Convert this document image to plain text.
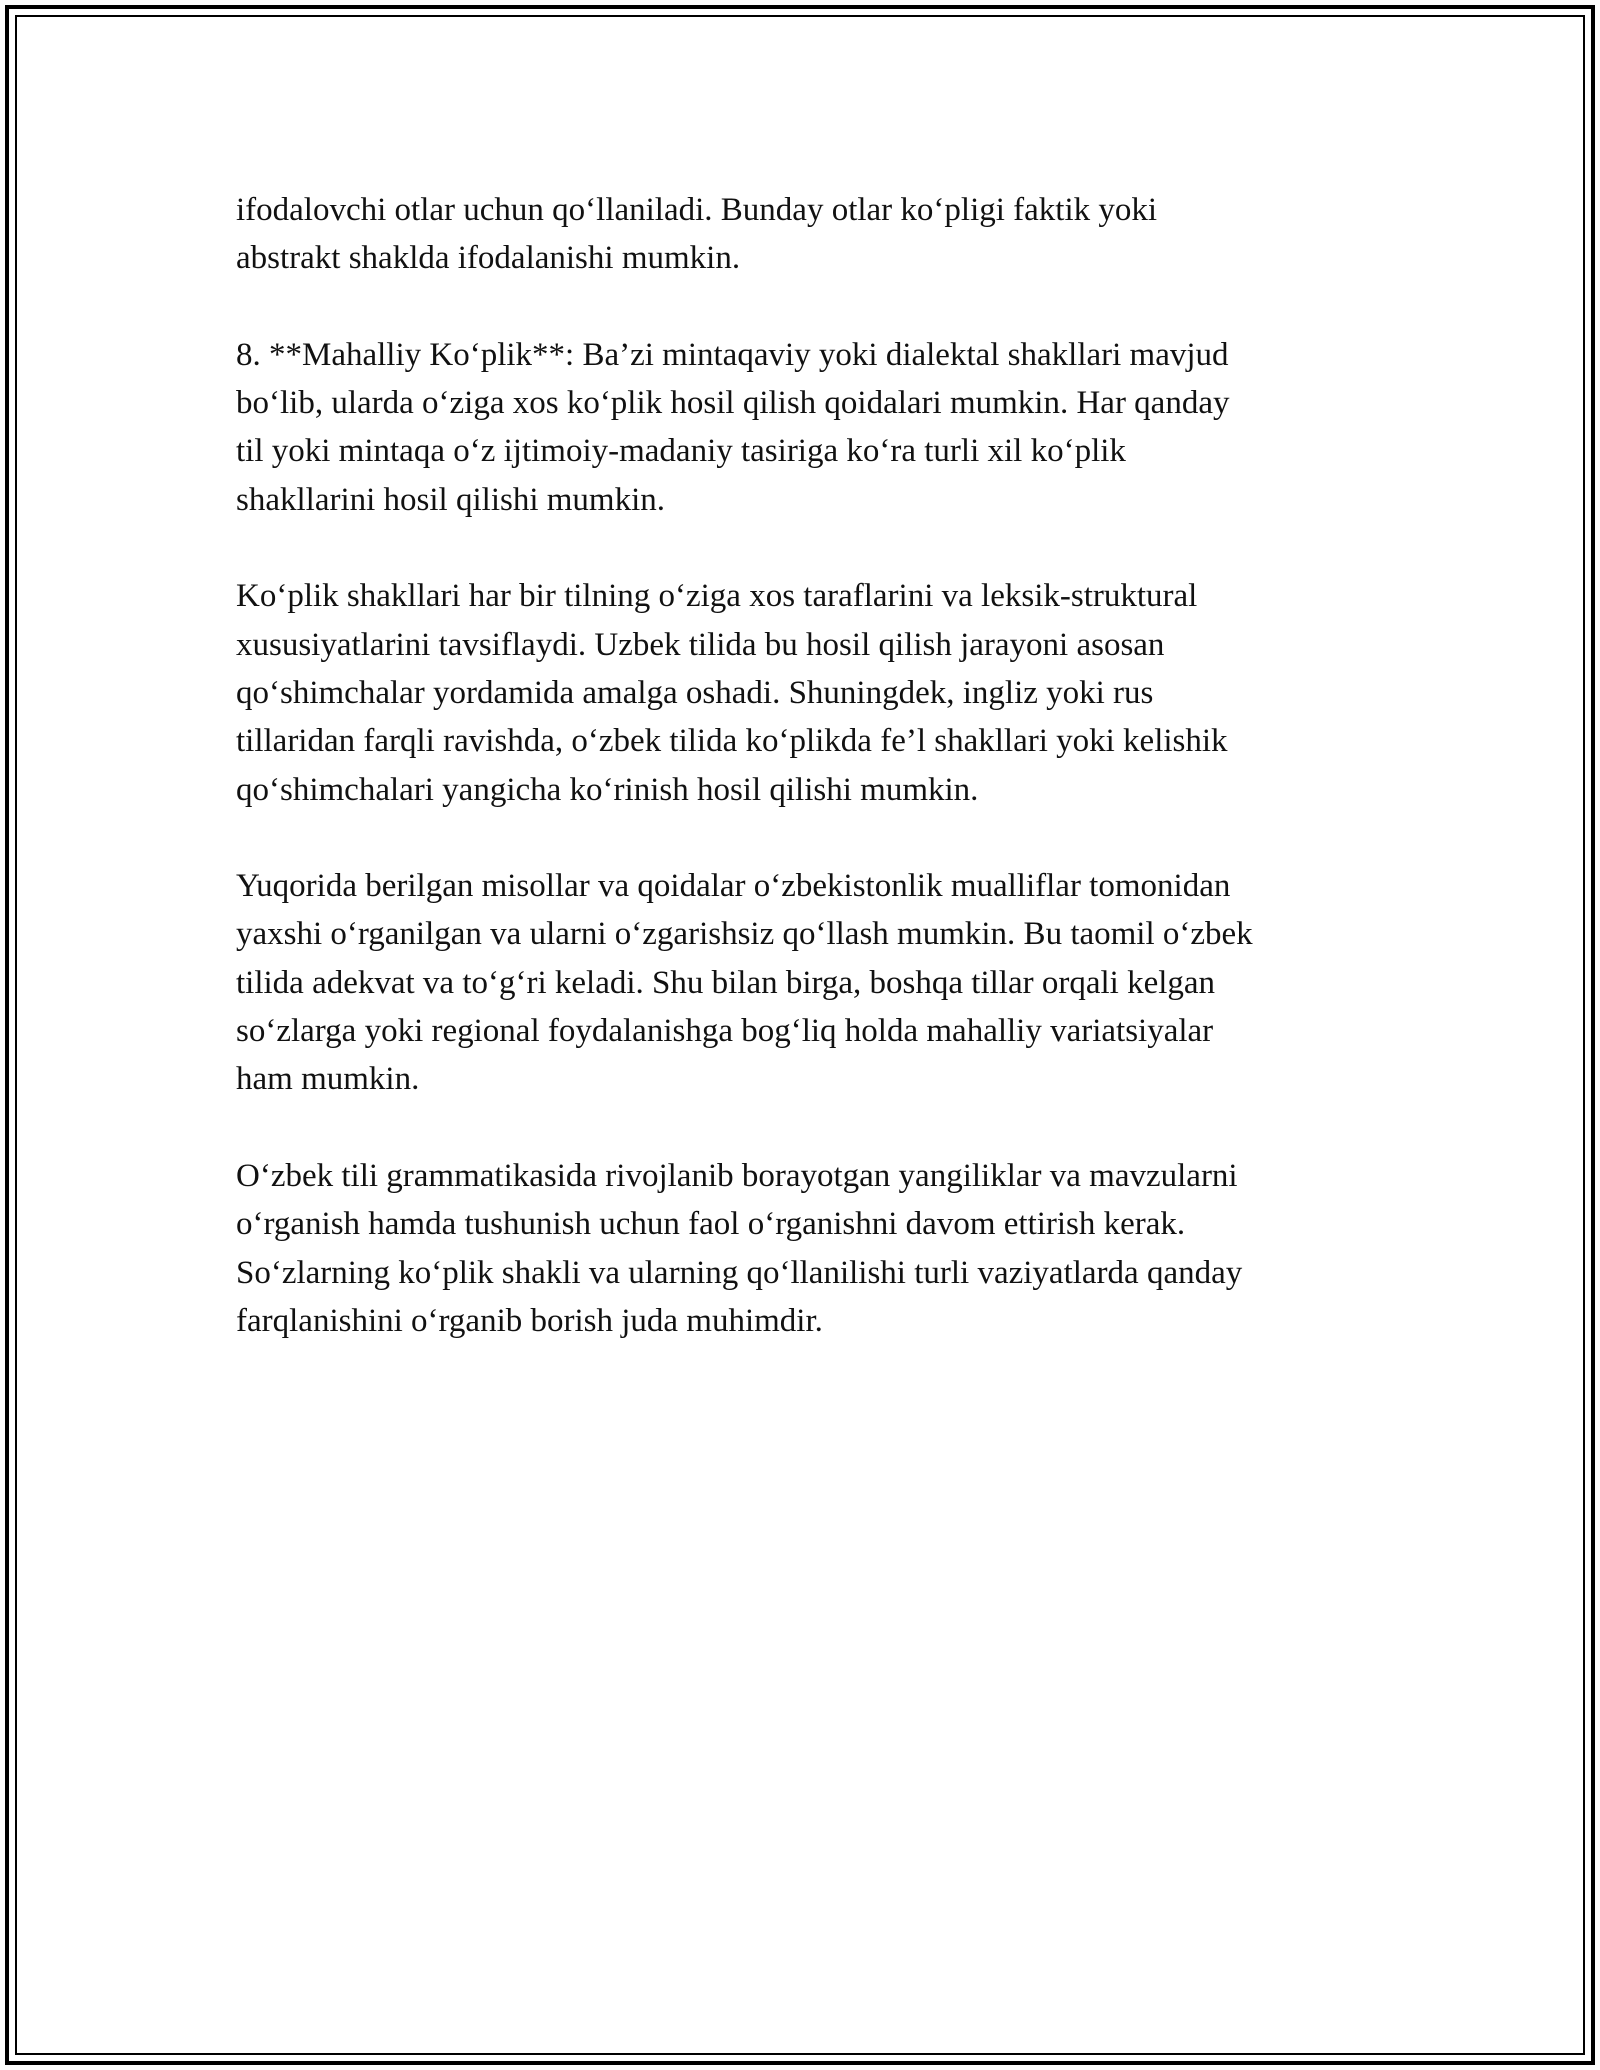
ifodalovchi otlar uchun qo‘llaniladi. Bunday otlar ko‘pligi faktik yoki
abstrakt shaklda ifodalanishi mumkin.

8. **Mahalliy Ko‘plik**: Ba’zi mintaqaviy yoki dialektal shakllari mavjud
bo‘lib, ularda o‘ziga xos ko‘plik hosil qilish qoidalari mumkin. Har qanday
til yoki mintaqa o‘z ijtimoiy-madaniy tasiriga ko‘ra turli xil ko‘plik
shakllarini hosil qilishi mumkin.

Ko‘plik shakllari har bir tilning o‘ziga xos taraflarini va leksik-struktural
xususiyatlarini tavsiflaydi. Uzbek tilida bu hosil qilish jarayoni asosan
qo‘shimchalar yordamida amalga oshadi. Shuningdek, ingliz yoki rus
tillaridan farqli ravishda, o‘zbek tilida ko‘plikda fe’l shakllari yoki kelishik
qo‘shimchalari yangicha ko‘rinish hosil qilishi mumkin.

Yuqorida berilgan misollar va qoidalar o‘zbekistonlik mualliflar tomonidan
yaxshi o‘rganilgan va ularni o‘zgarishsiz qo‘llash mumkin. Bu taomil o‘zbek
tilida adekvat va to‘g‘ri keladi. Shu bilan birga, boshqa tillar orqali kelgan
so‘zlarga yoki regional foydalanishga bog‘liq holda mahalliy variatsiyalar
ham mumkin.

O‘zbek tili grammatikasida rivojlanib borayotgan yangiliklar va mavzularni
o‘rganish hamda tushunish uchun faol o‘rganishni davom ettirish kerak.
So‘zlarning ko‘plik shakli va ularning qo‘llanilishi turli vaziyatlarda qanday
farqlanishini o‘rganib borish juda muhimdir.
